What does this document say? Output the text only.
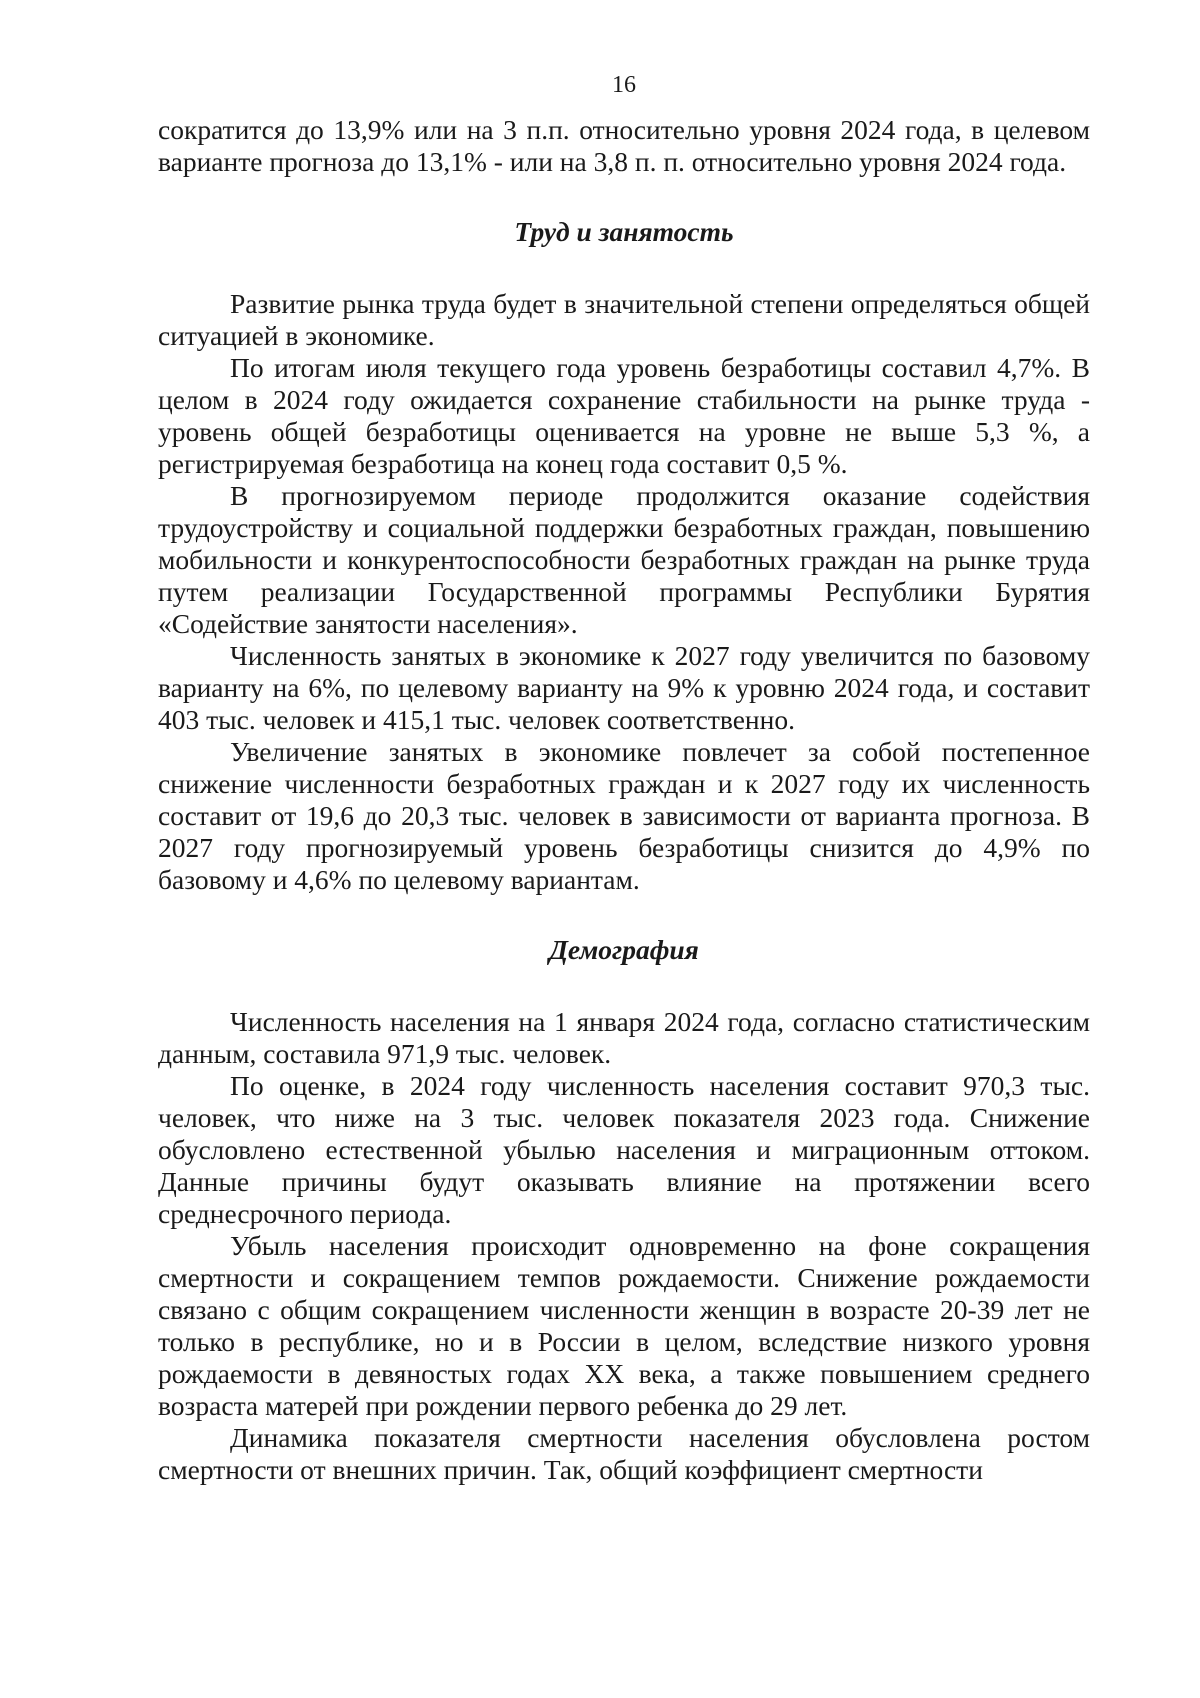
16

сократится до 13,9% или на 3 п.п. относительно уровня 2024 года, в целевом варианте прогноза до 13,1% - или на 3,8 п. п. относительно уровня 2024 года.

Труд и занятость

Развитие рынка труда будет в значительной степени определяться общей ситуацией в экономике.

По итогам июля текущего года уровень безработицы составил 4,7%. В целом в 2024 году ожидается сохранение стабильности на рынке труда - уровень общей безработицы оценивается на уровне не выше 5,3 %, а регистрируемая безработица на конец года составит 0,5 %.

В прогнозируемом периоде продолжится оказание содействия трудоустройству и социальной поддержки безработных граждан, повышению мобильности и конкурентоспособности безработных граждан на рынке труда путем реализации Государственной программы Республики Бурятия «Содействие занятости населения».

Численность занятых в экономике к 2027 году увеличится по базовому варианту на 6%, по целевому варианту на 9% к уровню 2024 года, и составит 403 тыс. человек и 415,1 тыс. человек соответственно.

Увеличение занятых в экономике повлечет за собой постепенное снижение численности безработных граждан и к 2027 году их численность составит от 19,6 до 20,3 тыс. человек в зависимости от варианта прогноза. В 2027 году прогнозируемый уровень безработицы снизится до 4,9% по базовому и 4,6% по целевому вариантам.

Демография

Численность населения на 1 января 2024 года, согласно статистическим данным, составила 971,9 тыс. человек.

По оценке, в 2024 году численность населения составит 970,3 тыс. человек, что ниже на 3 тыс. человек показателя 2023 года. Снижение обусловлено естественной убылью населения и миграционным оттоком. Данные причины будут оказывать влияние на протяжении всего среднесрочного периода.

Убыль населения происходит одновременно на фоне сокращения смертности и сокращением темпов рождаемости. Снижение рождаемости связано с общим сокращением численности женщин в возрасте 20-39 лет не только в республике, но и в России в целом, вследствие низкого уровня рождаемости в девяностых годах XX века, а также повышением среднего возраста матерей при рождении первого ребенка до 29 лет.

Динамика показателя смертности населения обусловлена ростом смертности от внешних причин. Так, общий коэффициент смертности
